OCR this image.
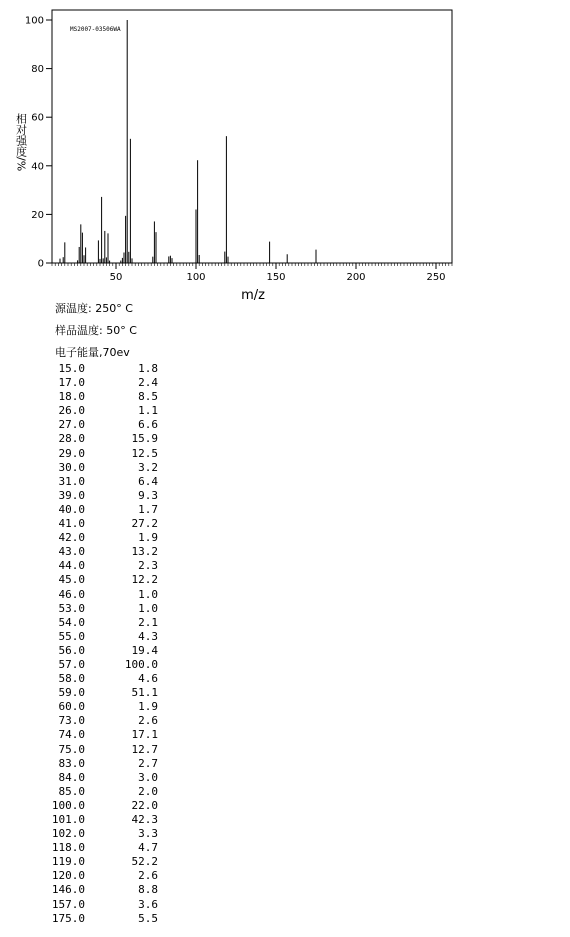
50	100	150	200	250
0
20
40
60
80
100
MS2007-03506WA
m/z
相对强度/%
源温度: 250° C
样品温度: 50° C
电子能量,70ev
15.0	1.8
17.0	2.4
18.0	8.5
26.0	1.1
27.0	6.6
28.0	15.9
29.0	12.5
30.0	3.2
31.0	6.4
39.0	9.3
40.0	1.7
41.0	27.2
42.0	1.9
43.0	13.2
44.0	2.3
45.0	12.2
46.0	1.0
53.0	1.0
54.0	2.1
55.0	4.3
56.0	19.4
57.0	100.0
58.0	4.6
59.0	51.1
60.0	1.9
73.0	2.6
74.0	17.1
75.0	12.7
83.0	2.7
84.0	3.0
85.0	2.0
100.0	22.0
101.0	42.3
102.0	3.3
118.0	4.7
119.0	52.2
120.0	2.6
146.0	8.8
157.0	3.6
175.0	5.5
